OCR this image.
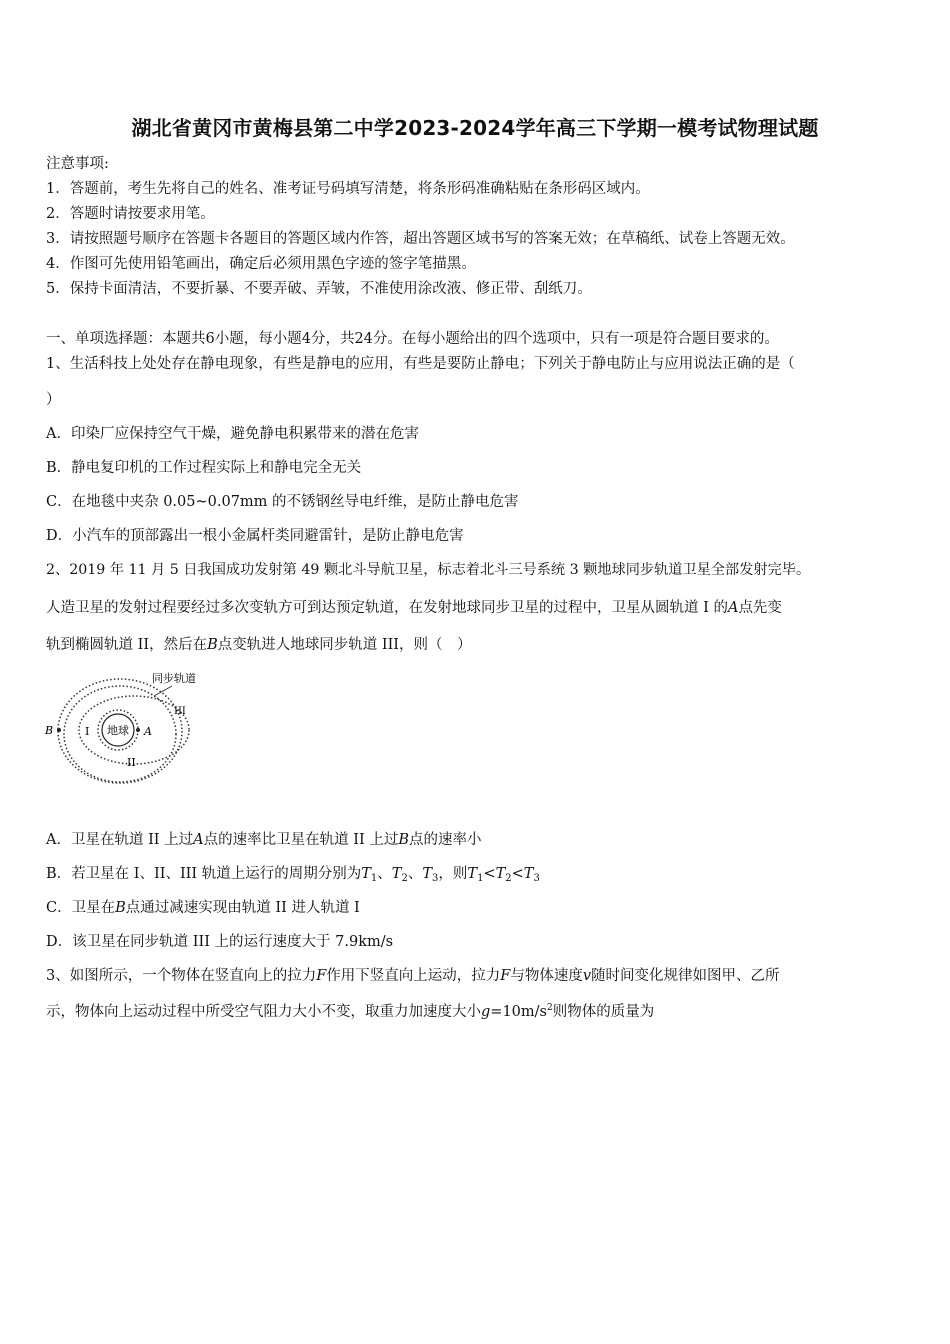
湖北省黄冈市黄梅县第二中学2023-2024学年高三下学期一模考试物理试题
注意事项:
1．答题前，考生先将自己的姓名、准考证号码填写清楚，将条形码准确粘贴在条形码区域内。
2．答题时请按要求用笔。
3．请按照题号顺序在答题卡各题目的答题区域内作答，超出答题区域书写的答案无效；在草稿纸、试卷上答题无效。
4．作图可先使用铅笔画出，确定后必须用黑色字迹的签字笔描黑。
5．保持卡面清洁，不要折暴、不要弄破、弄皱，不准使用涂改液、修正带、刮纸刀。
一、单项选择题：本题共6小题，每小题4分，共24分。在每小题给出的四个选项中，只有一项是符合题目要求的。
1、生活科技上处处存在静电现象，有些是静电的应用，有些是要防止静电；下列关于静电防止与应用说法正确的是（
）
A．印染厂应保持空气干燥，避免静电积累带来的潜在危害
B．静电复印机的工作过程实际上和静电完全无关
C．在地毯中夹杂 0.05~0.07mm 的不锈钢丝导电纤维，是防止静电危害
D．小汽车的顶部露出一根小金属杆类同避雷针，是防止静电危害
2、2019 年 11 月 5 日我国成功发射第 49 颗北斗导航卫星，标志着北斗三号系统 3 颗地球同步轨道卫星全部发射完毕。
人造卫星的发射过程要经过多次变轨方可到达预定轨道，在发射地球同步卫星的过程中，卫星从圆轨道 I 的A点先变
轨到椭圆轨道 II，然后在B点变轨进人地球同步轨道 III，则（　）
地球
B	A
I
II
III
同步轨道
A．卫星在轨道 II 上过A点的速率比卫星在轨道 II 上过B点的速率小
B．若卫星在 I、II、III 轨道上运行的周期分别为$T_1$、$T_2$、$T_3$，则$T_1<T_2<T_3$
C．卫星在B点通过减速实现由轨道 II 进人轨道 I
D．该卫星在同步轨道 III 上的运行速度大于 7.9km/s
3、如图所示，一个物体在竖直向上的拉力F作用下竖直向上运动，拉力F与物体速度v随时间变化规律如图甲、乙所
示，物体向上运动过程中所受空气阻力大小不变，取重力加速度大小$g=10m/s^2$则物体的质量为
